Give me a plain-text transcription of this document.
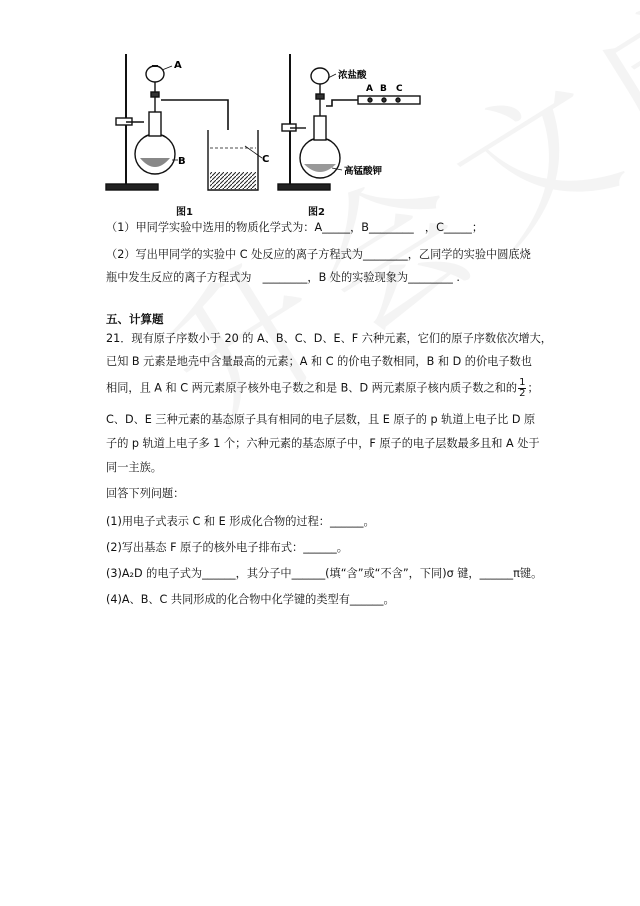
A
B	C
浓盐酸
A B C
高锰酸钾
图1	图2
（1）甲同学实验中选用的物质化学式为：A_____，B________　，C_____；
（2）写出甲同学的实验中 C 处反应的离子方程式为________，乙同学的实验中圆底烧
瓶中发生反应的离子方程式为　________，B 处的实验现象为________ .
五、计算题
21．现有原子序数小于 20 的 A、B、C、D、E、F 六种元素，它们的原子序数依次增大，
已知 B 元素是地壳中含量最高的元素；A 和 C 的价电子数相同，B 和 D 的价电子数也
相同，且 A 和 C 两元素原子核外电子数之和是 B、D 两元素原子核内质子数之和的 $\frac{1}{2}$ ；
C、D、E 三种元素的基态原子具有相同的电子层数，且 E 原子的 p 轨道上电子比 D 原
子的 p 轨道上电子多 1 个；六种元素的基态原子中，F 原子的电子层数最多且和 A 处于
同一主族。
回答下列问题：
(1)用电子式表示 C 和 E 形成化合物的过程：______。
(2)写出基态 F 原子的核外电子排布式：______。
(3)A₂D 的电子式为______，其分子中______(填“含”或“不含”，下同)σ 键，______π键。
(4)A、B、C 共同形成的化合物中化学键的类型有______。
